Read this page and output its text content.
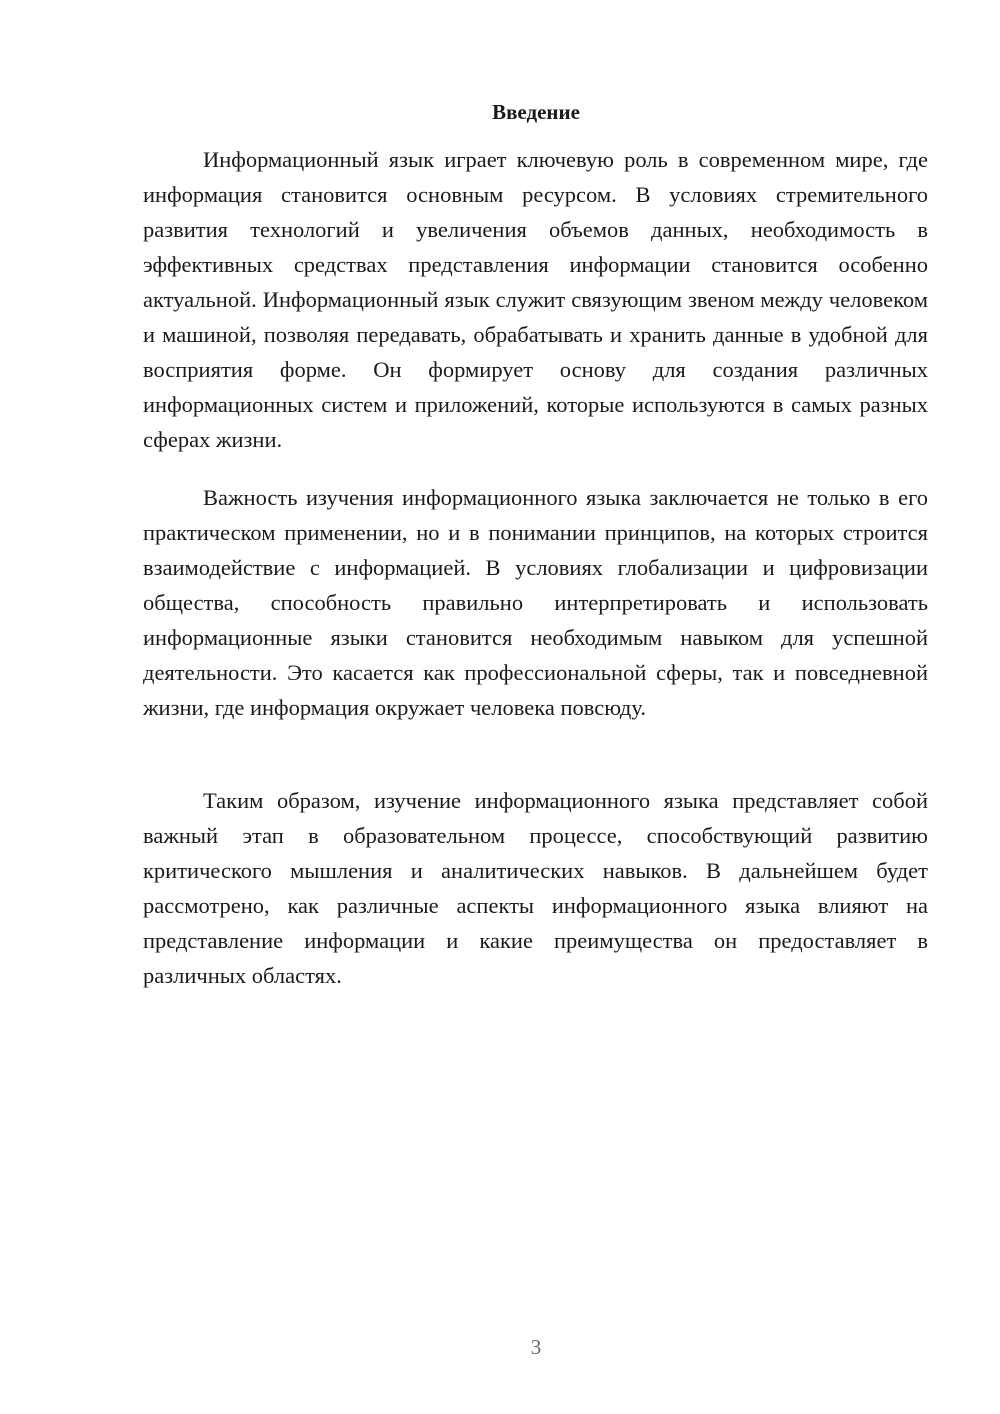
Введение

Информационный язык играет ключевую роль в современном мире, где информация становится основным ресурсом. В условиях стремительного развития технологий и увеличения объемов данных, необходимость в эффективных средствах представления информации становится особенно актуальной. Информационный язык служит связующим звеном между человеком и машиной, позволяя передавать, обрабатывать и хранить данные в удобной для восприятия форме. Он формирует основу для создания различных информационных систем и приложений, которые используются в самых разных сферах жизни.

Важность изучения информационного языка заключается не только в его практическом применении, но и в понимании принципов, на которых строится взаимодействие с информацией. В условиях глобализации и цифровизации общества, способность правильно интерпретировать и использовать информационные языки становится необходимым навыком для успешной деятельности. Это касается как профессиональной сферы, так и повседневной жизни, где информация окружает человека повсюду.

Таким образом, изучение информационного языка представляет собой важный этап в образовательном процессе, способствующий развитию критического мышления и аналитических навыков. В дальнейшем будет рассмотрено, как различные аспекты информационного языка влияют на представление информации и какие преимущества он предоставляет в различных областях.

3
